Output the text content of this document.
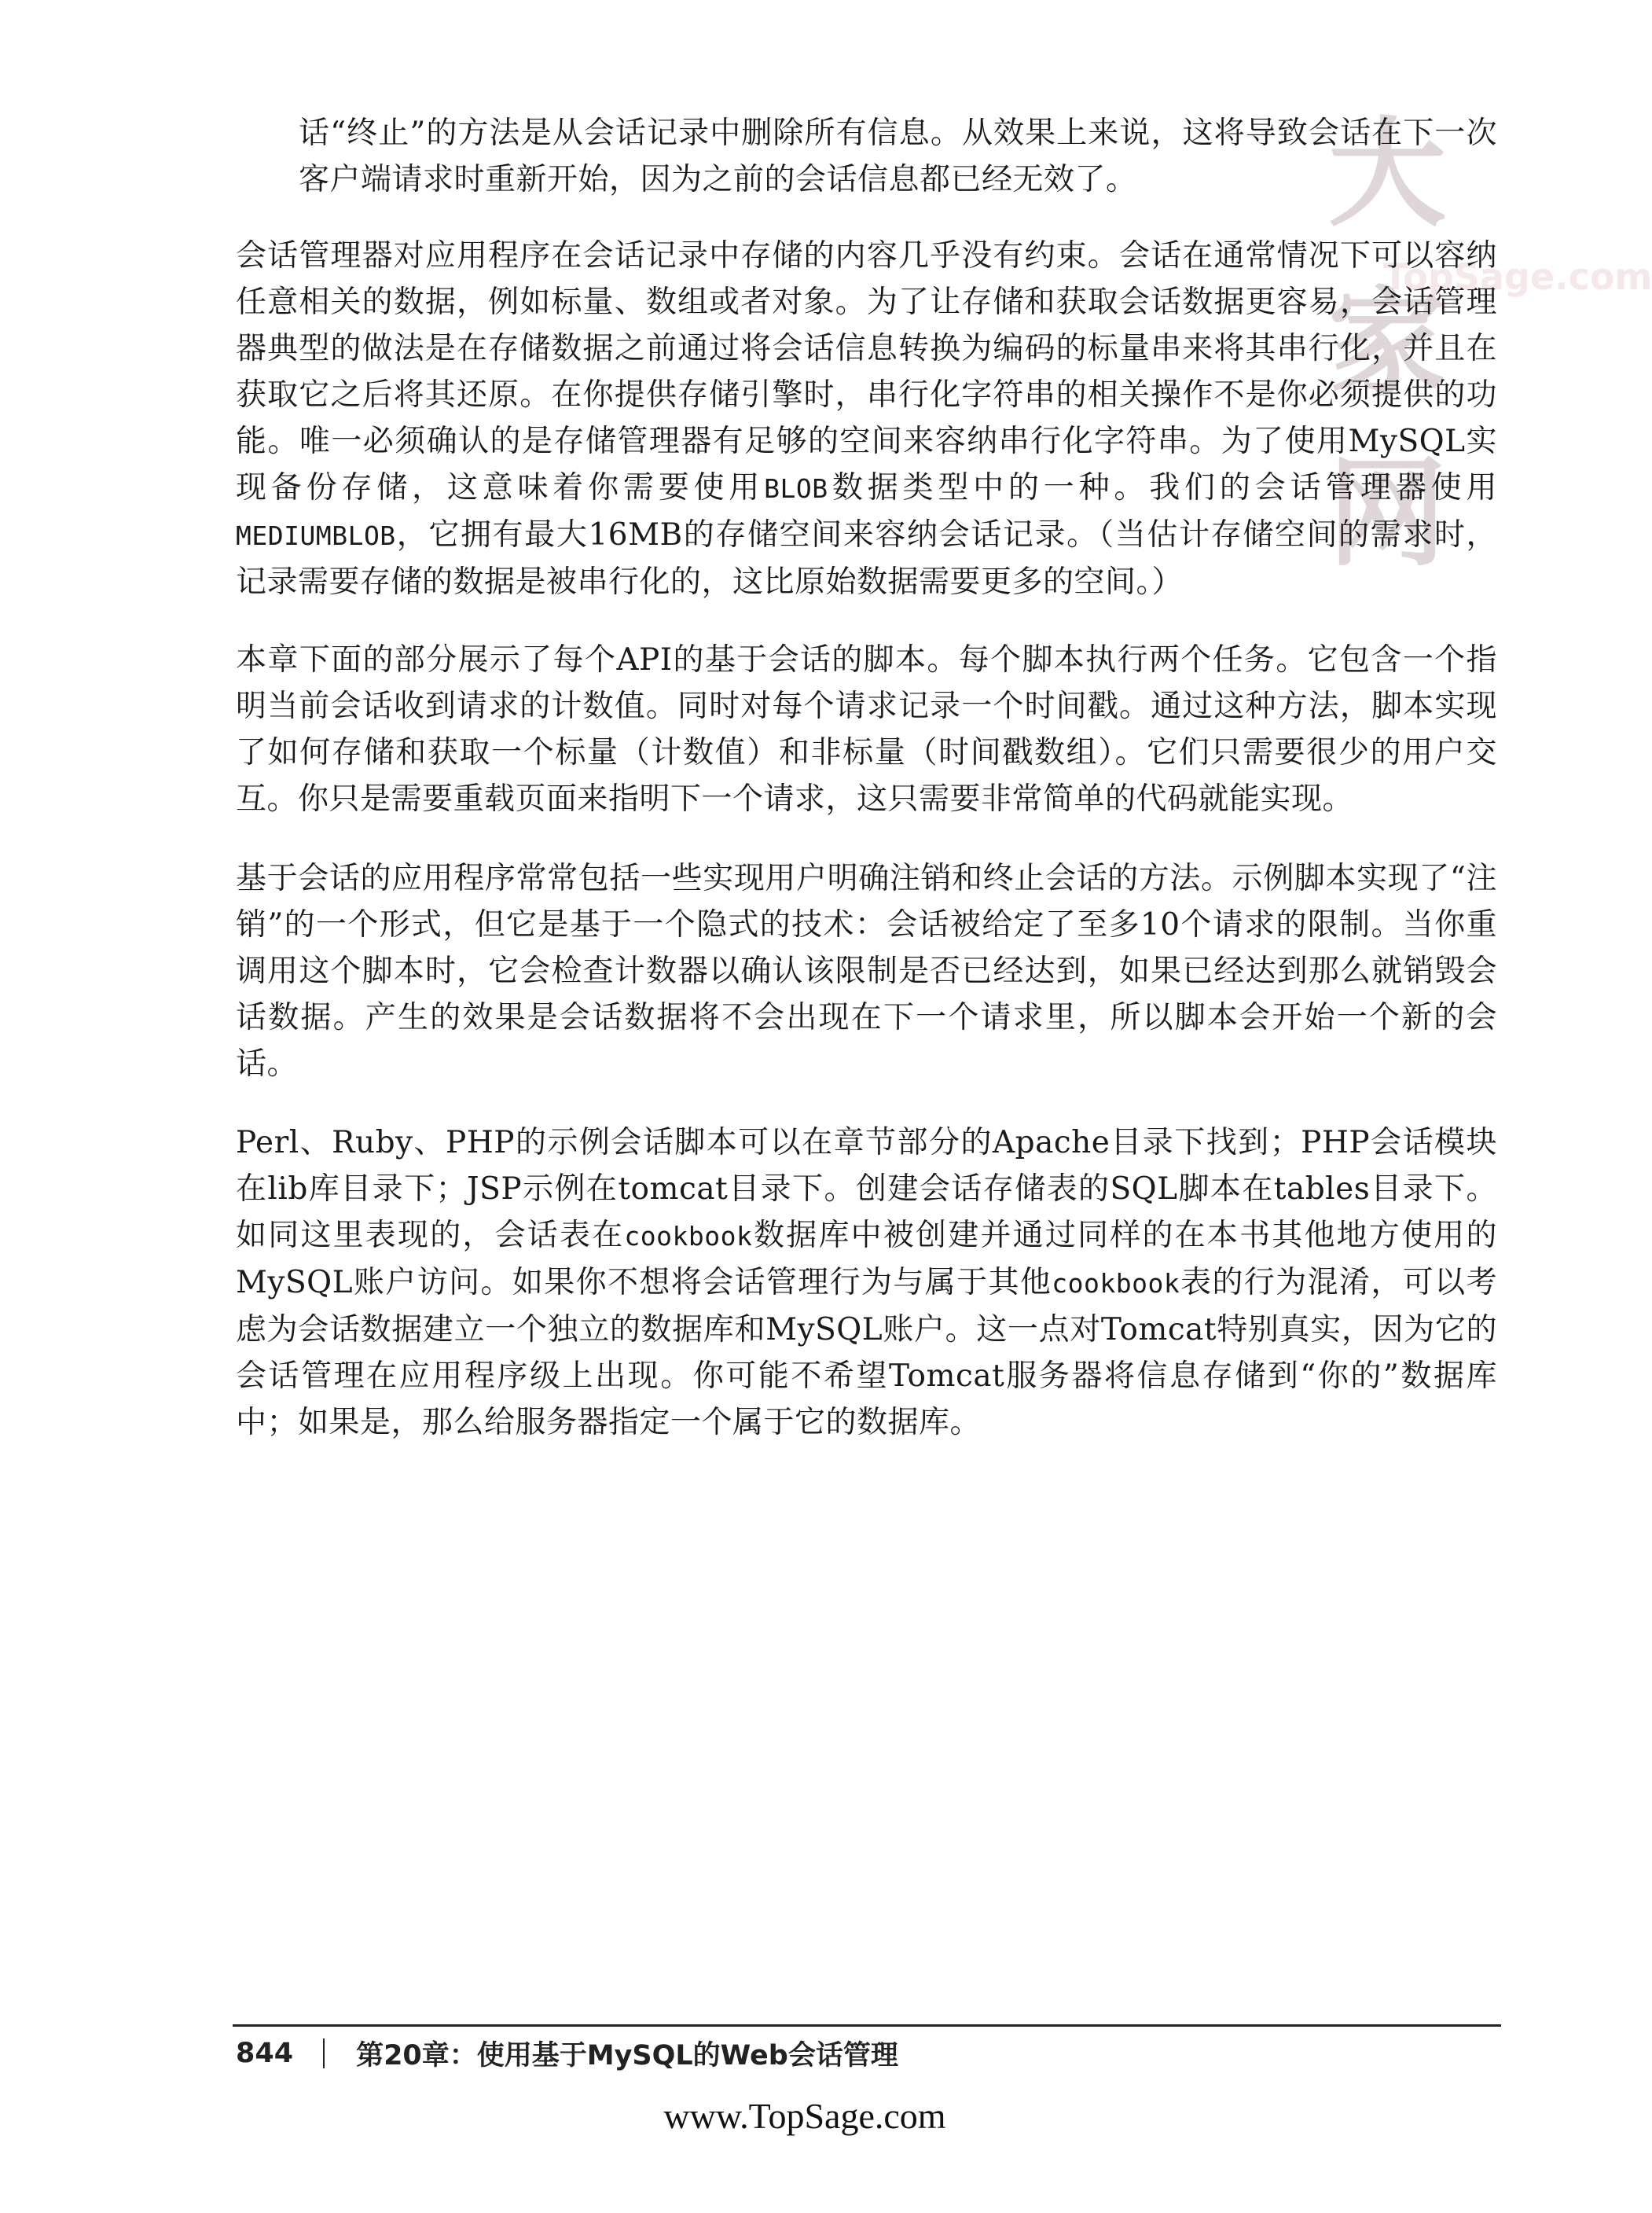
大家网
TopSage.com

话“终止”的方法是从会话记录中删除所有信息。从效果上来说，这将导致会话在下一次客户端请求时重新开始，因为之前的会话信息都已经无效了。

会话管理器对应用程序在会话记录中存储的内容几乎没有约束。会话在通常情况下可以容纳任意相关的数据，例如标量、数组或者对象。为了让存储和获取会话数据更容易，会话管理器典型的做法是在存储数据之前通过将会话信息转换为编码的标量串来将其串行化，并且在获取它之后将其还原。在你提供存储引擎时，串行化字符串的相关操作不是你必须提供的功能。唯一必须确认的是存储管理器有足够的空间来容纳串行化字符串。为了使用MySQL实现备份存储，这意味着你需要使用BLOB数据类型中的一种。我们的会话管理器使用MEDIUMBLOB，它拥有最大16MB的存储空间来容纳会话记录。（当估计存储空间的需求时，记录需要存储的数据是被串行化的，这比原始数据需要更多的空间。）

本章下面的部分展示了每个API的基于会话的脚本。每个脚本执行两个任务。它包含一个指明当前会话收到请求的计数值。同时对每个请求记录一个时间戳。通过这种方法，脚本实现了如何存储和获取一个标量（计数值）和非标量（时间戳数组）。它们只需要很少的用户交互。你只是需要重载页面来指明下一个请求，这只需要非常简单的代码就能实现。

基于会话的应用程序常常包括一些实现用户明确注销和终止会话的方法。示例脚本实现了“注销”的一个形式，但它是基于一个隐式的技术：会话被给定了至多10个请求的限制。当你重调用这个脚本时，它会检查计数器以确认该限制是否已经达到，如果已经达到那么就销毁会话数据。产生的效果是会话数据将不会出现在下一个请求里，所以脚本会开始一个新的会话。

Perl、Ruby、PHP的示例会话脚本可以在章节部分的Apache目录下找到；PHP会话模块在lib库目录下；JSP示例在tomcat目录下。创建会话存储表的SQL脚本在tables目录下。如同这里表现的，会话表在cookbook数据库中被创建并通过同样的在本书其他地方使用的MySQL账户访问。如果你不想将会话管理行为与属于其他cookbook表的行为混淆，可以考虑为会话数据建立一个独立的数据库和MySQL账户。这一点对Tomcat特别真实，因为它的会话管理在应用程序级上出现。你可能不希望Tomcat服务器将信息存储到“你的”数据库中；如果是，那么给服务器指定一个属于它的数据库。

844 第20章：使用基于MySQL的Web会话管理
www.TopSage.com
